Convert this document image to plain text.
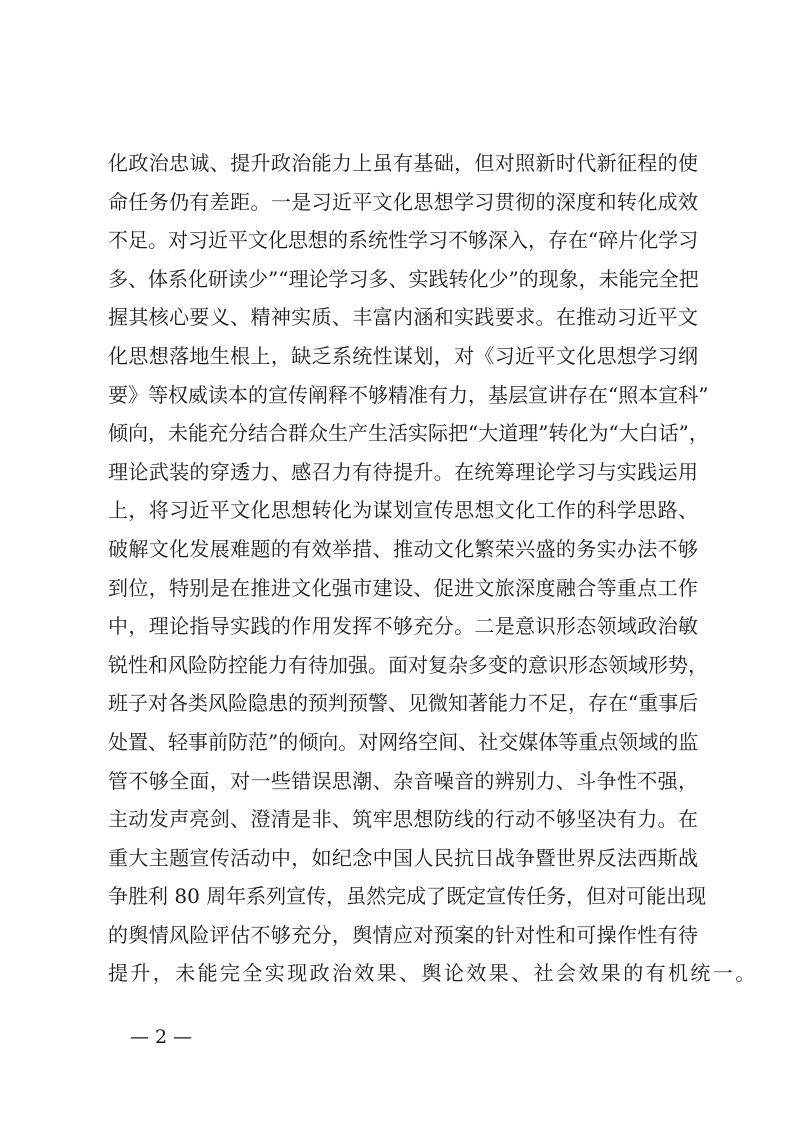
化政治忠诚、提升政治能力上虽有基础，但对照新时代新征程的使
命任务仍有差距。一是习近平文化思想学习贯彻的深度和转化成效
不足。对习近平文化思想的系统性学习不够深入，存在“碎片化学习
多、体系化研读少”“理论学习多、实践转化少”的现象，未能完全把
握其核心要义、精神实质、丰富内涵和实践要求。在推动习近平文
化思想落地生根上，缺乏系统性谋划，对《习近平文化思想学习纲
要》等权威读本的宣传阐释不够精准有力，基层宣讲存在“照本宣科”
倾向，未能充分结合群众生产生活实际把“大道理”转化为“大白话”，
理论武装的穿透力、感召力有待提升。在统筹理论学习与实践运用
上，将习近平文化思想转化为谋划宣传思想文化工作的科学思路、
破解文化发展难题的有效举措、推动文化繁荣兴盛的务实办法不够
到位，特别是在推进文化强市建设、促进文旅深度融合等重点工作
中，理论指导实践的作用发挥不够充分。二是意识形态领域政治敏
锐性和风险防控能力有待加强。面对复杂多变的意识形态领域形势，
班子对各类风险隐患的预判预警、见微知著能力不足，存在“重事后
处置、轻事前防范”的倾向。对网络空间、社交媒体等重点领域的监
管不够全面，对一些错误思潮、杂音噪音的辨别力、斗争性不强，
主动发声亮剑、澄清是非、筑牢思想防线的行动不够坚决有力。在
重大主题宣传活动中，如纪念中国人民抗日战争暨世界反法西斯战
争胜利 80 周年系列宣传，虽然完成了既定宣传任务，但对可能出现
的舆情风险评估不够充分，舆情应对预案的针对性和可操作性有待
提升，未能完全实现政治效果、舆论效果、社会效果的有机统一。
— 2 —
